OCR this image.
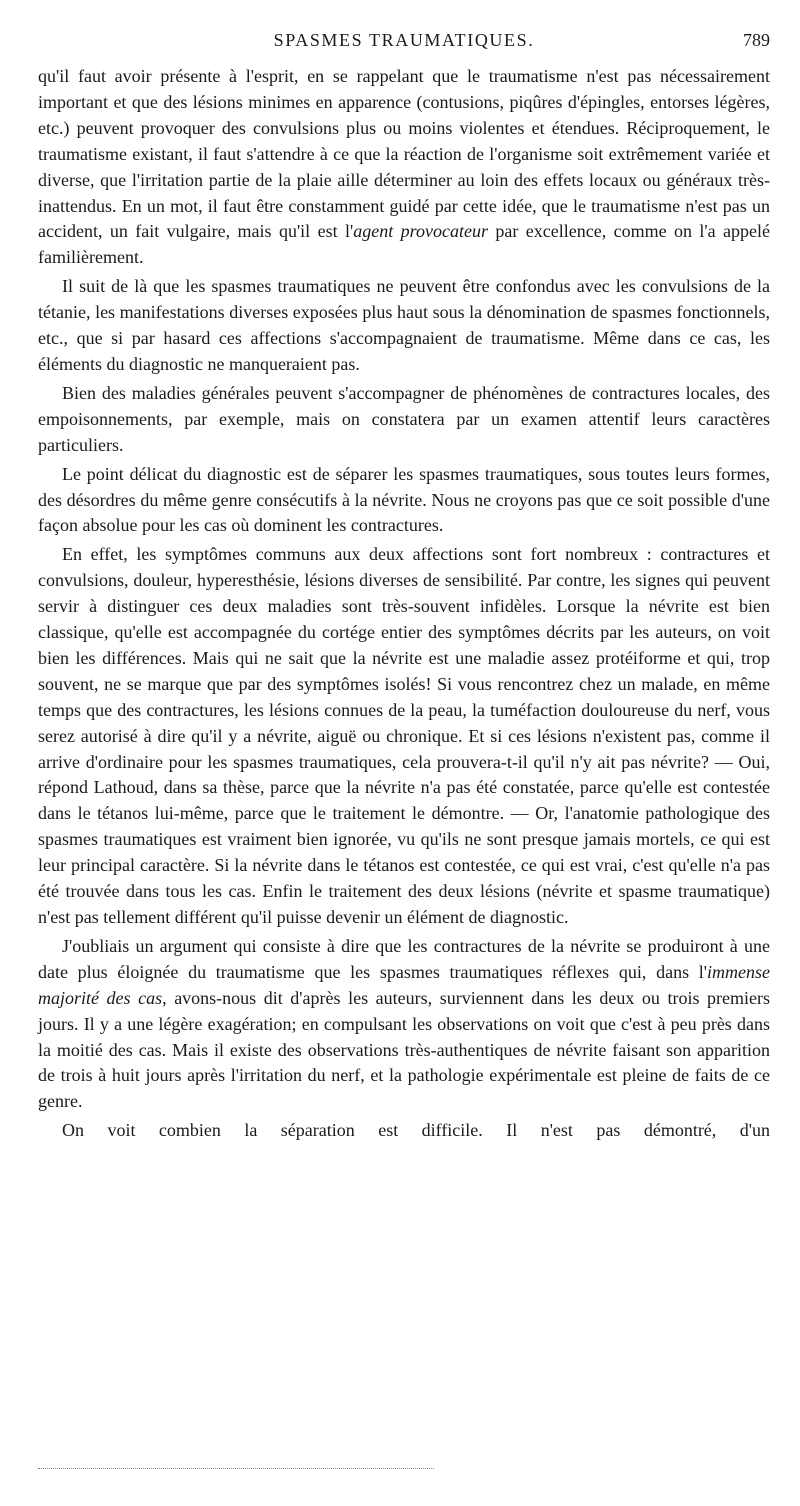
SPASMES TRAUMATIQUES.	789

qu'il faut avoir présente à l'esprit, en se rappelant que le traumatisme n'est pas nécessairement important et que des lésions minimes en apparence (contusions, piqûres d'épingles, entorses légères, etc.) peuvent provoquer des convulsions plus ou moins violentes et étendues. Réciproquement, le traumatisme existant, il faut s'attendre à ce que la réaction de l'organisme soit extrêmement variée et diverse, que l'irritation partie de la plaie aille déterminer au loin des effets locaux ou généraux très-inattendus. En un mot, il faut être constamment guidé par cette idée, que le traumatisme n'est pas un accident, un fait vulgaire, mais qu'il est l'agent provocateur par excellence, comme on l'a appelé familièrement.

Il suit de là que les spasmes traumatiques ne peuvent être confondus avec les convulsions de la tétanie, les manifestations diverses exposées plus haut sous la dénomination de spasmes fonctionnels, etc., que si par hasard ces affections s'accompagnaient de traumatisme. Même dans ce cas, les éléments du diagnostic ne manqueraient pas.

Bien des maladies générales peuvent s'accompagner de phénomènes de contractures locales, des empoisonnements, par exemple, mais on constatera par un examen attentif leurs caractères particuliers.

Le point délicat du diagnostic est de séparer les spasmes traumatiques, sous toutes leurs formes, des désordres du même genre consécutifs à la névrite. Nous ne croyons pas que ce soit possible d'une façon absolue pour les cas où dominent les contractures.

En effet, les symptômes communs aux deux affections sont fort nombreux : contractures et convulsions, douleur, hyperesthésie, lésions diverses de sensibilité. Par contre, les signes qui peuvent servir à distinguer ces deux maladies sont très-souvent infidèles. Lorsque la névrite est bien classique, qu'elle est accompagnée du cortége entier des symptômes décrits par les auteurs, on voit bien les différences. Mais qui ne sait que la névrite est une maladie assez protéiforme et qui, trop souvent, ne se marque que par des symptômes isolés! Si vous rencontrez chez un malade, en même temps que des contractures, les lésions connues de la peau, la tuméfaction douloureuse du nerf, vous serez autorisé à dire qu'il y a névrite, aiguë ou chronique. Et si ces lésions n'existent pas, comme il arrive d'ordinaire pour les spasmes traumatiques, cela prouvera-t-il qu'il n'y ait pas névrite? — Oui, répond Lathoud, dans sa thèse, parce que la névrite n'a pas été constatée, parce qu'elle est contestée dans le tétanos lui-même, parce que le traitement le démontre. — Or, l'anatomie pathologique des spasmes traumatiques est vraiment bien ignorée, vu qu'ils ne sont presque jamais mortels, ce qui est leur principal caractère. Si la névrite dans le tétanos est contestée, ce qui est vrai, c'est qu'elle n'a pas été trouvée dans tous les cas. Enfin le traitement des deux lésions (névrite et spasme traumatique) n'est pas tellement différent qu'il puisse devenir un élément de diagnostic.

J'oubliais un argument qui consiste à dire que les contractures de la névrite se produiront à une date plus éloignée du traumatisme que les spasmes traumatiques réflexes qui, dans l'immense majorité des cas, avons-nous dit d'après les auteurs, surviennent dans les deux ou trois premiers jours. Il y a une légère exagération; en compulsant les observations on voit que c'est à peu près dans la moitié des cas. Mais il existe des observations très-authentiques de névrite faisant son apparition de trois à huit jours après l'irritation du nerf, et la pathologie expérimentale est pleine de faits de ce genre.

On voit combien la séparation est difficile. Il n'est pas démontré, d'un
